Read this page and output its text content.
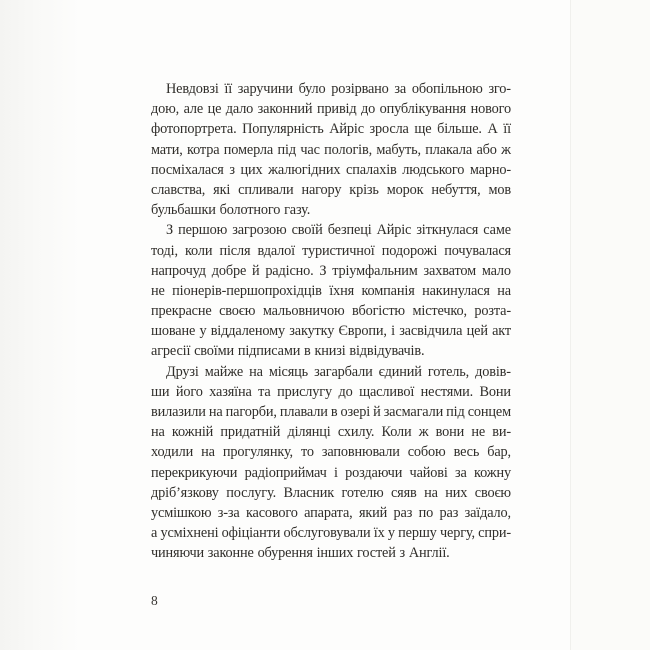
Невдовзі її заручини було розірвано за обопільною зго-
дою, але це дало законний привід до опублікування нового
фотопортрета. Популярність Айріс зросла ще більше. А її
мати, котра померла під час пологів, мабуть, плакала або ж
посміхалася з цих жалюгідних спалахів людського марно-
славства, які спливали нагору крізь морок небуття, мов
бульбашки болотного газу.

З першою загрозою своїй безпеці Айріс зіткнулася саме
тоді, коли після вдалої туристичної подорожі почувалася
напрочуд добре й радісно. З тріумфальним захватом мало
не піонерів-першопрохідців їхня компанія накинулася на
прекрасне своєю мальовничою вбогістю містечко, розта-
шоване у віддаленому закутку Європи, і засвідчила цей акт
агресії своїми підписами в книзі відвідувачів.

Друзі майже на місяць загарбали єдиний готель, довів-
ши його хазяїна та прислугу до щасливої нестями. Вони
вилазили на пагорби, плавали в озері й засмагали під сонцем
на кожній придатній ділянці схилу. Коли ж вони не ви-
ходили на прогулянку, то заповнювали собою весь бар,
перекрикуючи радіоприймач і роздаючи чайові за кожну
дріб’язкову послугу. Власник готелю сяяв на них своєю
усмішкою з-за касового апарата, який раз по раз заїдало,
а усміхнені офіціанти обслуговували їх у першу чергу, спри-
чиняючи законне обурення інших гостей з Англії.

8
